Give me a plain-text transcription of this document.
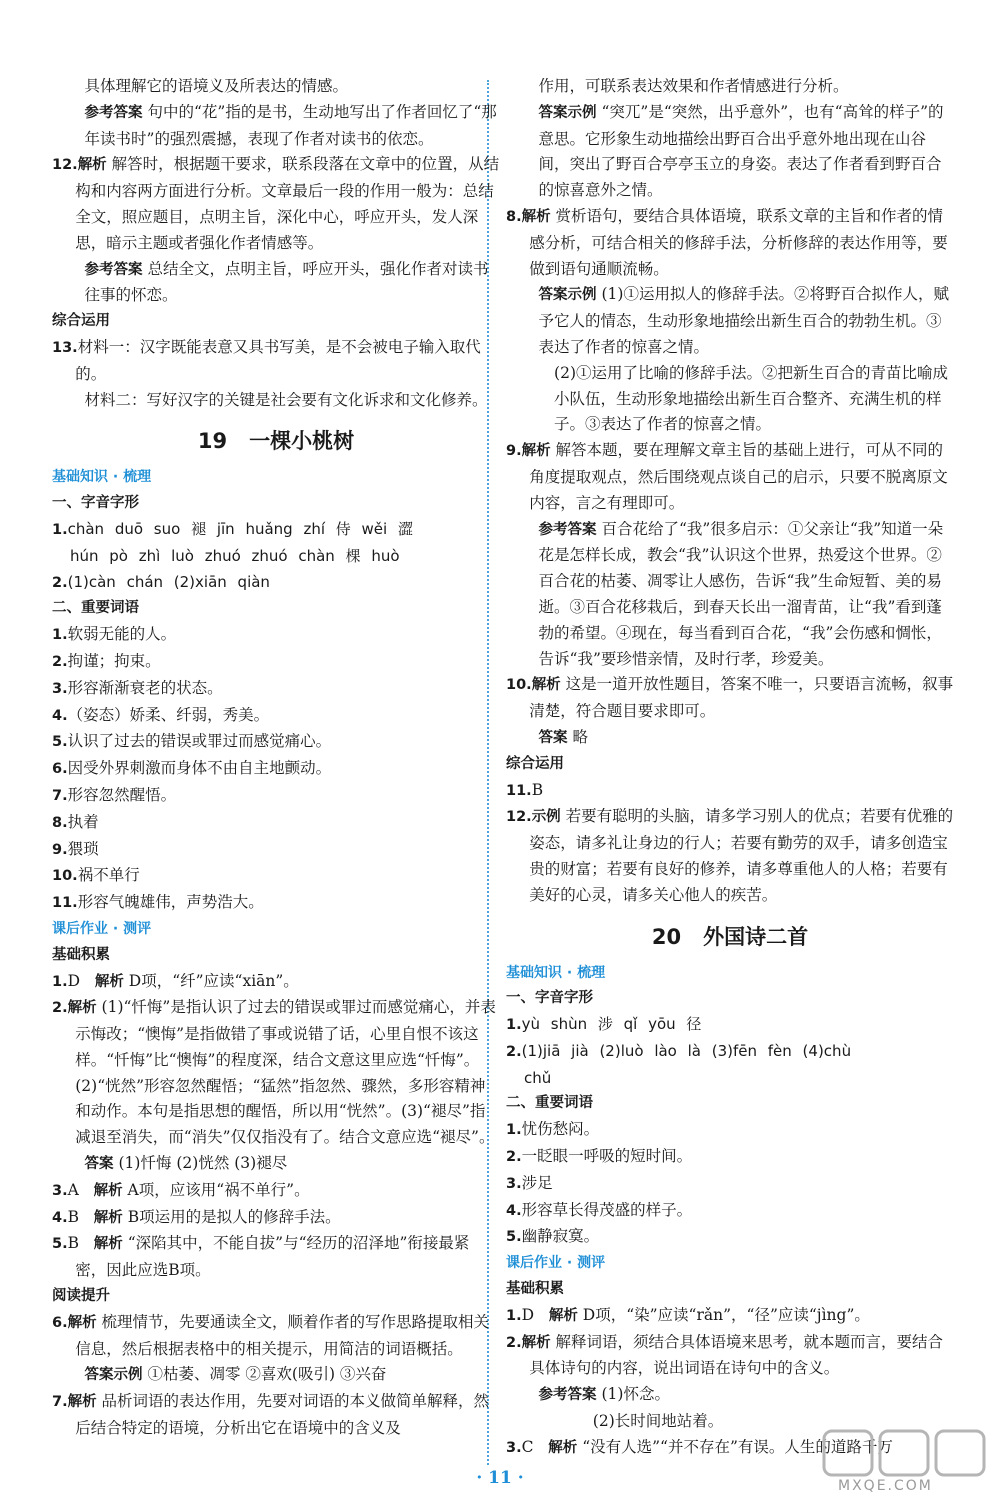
具体理解它的语境义及所表达的情感。

参考答案 句中的“花”指的是书，生动地写出了作者回忆了“那年读书时”的强烈震撼，表现了作者对读书的依恋。

12.解析 解答时，根据题干要求，联系段落在文章中的位置，从结构和内容两方面进行分析。文章最后一段的作用一般为：总结全文，照应题目，点明主旨，深化中心，呼应开头，发人深思，暗示主题或者强化作者情感等。

参考答案 总结全文，点明主旨，呼应开头，强化作者对读书往事的怀恋。

综合运用

13.材料一：汉字既能表意又具书写美，是不会被电子输入取代的。

材料二：写好汉字的关键是社会要有文化诉求和文化修养。

19 一棵小桃树

基础知识 · 梳理

一、字音字形

1.chàn duō suo 褪 jīn huǎng zhí 侍 wěi 澀

hún pò zhì luò zhuó zhuó chàn 棵 huò

2.(1)càn chán (2)xiān qiàn

二、重要词语

1.软弱无能的人。

2.拘谨；拘束。

3.形容渐渐衰老的状态。

4.（姿态）娇柔、纤弱，秀美。

5.认识了过去的错误或罪过而感觉痛心。

6.因受外界刺激而身体不由自主地颤动。

7.形容忽然醒悟。

8.执着

9.猥琐

10.祸不单行

11.形容气魄雄伟，声势浩大。

课后作业 · 测评

基础积累

1.D 解析 D项，“纤”应读“xiān”。

2.解析 (1)“忏悔”是指认识了过去的错误或罪过而感觉痛心，并表示悔改；“懊悔”是指做错了事或说错了话，心里自恨不该这样。“忏悔”比“懊悔”的程度深，结合文意这里应选“忏悔”。(2)“恍然”形容忽然醒悟；“猛然”指忽然、骤然，多形容精神和动作。本句是指思想的醒悟，所以用“恍然”。(3)“褪尽”指减退至消失，而“消失”仅仅指没有了。结合文意应选“褪尽”。

答案 (1)忏悔 (2)恍然 (3)褪尽

3.A 解析 A项，应该用“祸不单行”。

4.B 解析 B项运用的是拟人的修辞手法。

5.B 解析 “深陷其中，不能自拔”与“经历的沼泽地”衔接最紧密，因此应选B项。

阅读提升

6.解析 梳理情节，先要通读全文，顺着作者的写作思路提取相关信息，然后根据表格中的相关提示，用简洁的词语概括。

答案示例 ①枯萎、凋零 ②喜欢(吸引) ③兴奋

7.解析 品析词语的表达作用，先要对词语的本义做简单解释，然后结合特定的语境，分析出它在语境中的含义及

作用，可联系表达效果和作者情感进行分析。

答案示例 “突兀”是“突然，出乎意外”，也有“高耸的样子”的意思。它形象生动地描绘出野百合出乎意外地出现在山谷间，突出了野百合亭亭玉立的身姿。表达了作者看到野百合的惊喜意外之情。

8.解析 赏析语句，要结合具体语境，联系文章的主旨和作者的情感分析，可结合相关的修辞手法，分析修辞的表达作用等，要做到语句通顺流畅。

答案示例 (1)①运用拟人的修辞手法。②将野百合拟作人，赋予它人的情态，生动形象地描绘出新生百合的勃勃生机。③表达了作者的惊喜之情。

(2)①运用了比喻的修辞手法。②把新生百合的青苗比喻成小队伍，生动形象地描绘出新生百合整齐、充满生机的样子。③表达了作者的惊喜之情。

9.解析 解答本题，要在理解文章主旨的基础上进行，可从不同的角度提取观点，然后围绕观点谈自己的启示，只要不脱离原文内容，言之有理即可。

参考答案 百合花给了“我”很多启示：①父亲让“我”知道一朵花是怎样长成，教会“我”认识这个世界，热爱这个世界。②百合花的枯萎、凋零让人感伤，告诉“我”生命短暂、美的易逝。③百合花移栽后，到春天长出一溜青苗，让“我”看到蓬勃的希望。④现在，每当看到百合花，“我”会伤感和惆怅，告诉“我”要珍惜亲情，及时行孝，珍爱美。

10.解析 这是一道开放性题目，答案不唯一，只要语言流畅，叙事清楚，符合题目要求即可。

答案 略

综合运用

11.B

12.示例 若要有聪明的头脑，请多学习别人的优点；若要有优雅的姿态，请多礼让身边的行人；若要有勤劳的双手，请多创造宝贵的财富；若要有良好的修养，请多尊重他人的人格；若要有美好的心灵，请多关心他人的疾苦。

20 外国诗二首

基础知识 · 梳理

一、字音字形

1.yù shùn 涉 qǐ yōu 径

2.(1)jiā jià (2)luò lào là (3)fēn fèn (4)chù

chǔ

二、重要词语

1.忧伤愁闷。

2.一眨眼一呼吸的短时间。

3.涉足

4.形容草长得茂盛的样子。

5.幽静寂寞。

课后作业 · 测评

基础积累

1.D 解析 D项，“染”应读“rǎn”，“径”应读“jìng”。

2.解析 解释词语，须结合具体语境来思考，就本题而言，要结合具体诗句的内容，说出词语在诗句中的含义。

参考答案 (1)怀念。

(2)长时间地站着。

3.C 解析 “没有人选”“并不存在”有误。人生的道路千万

· 11 ·	MXQE.COM
